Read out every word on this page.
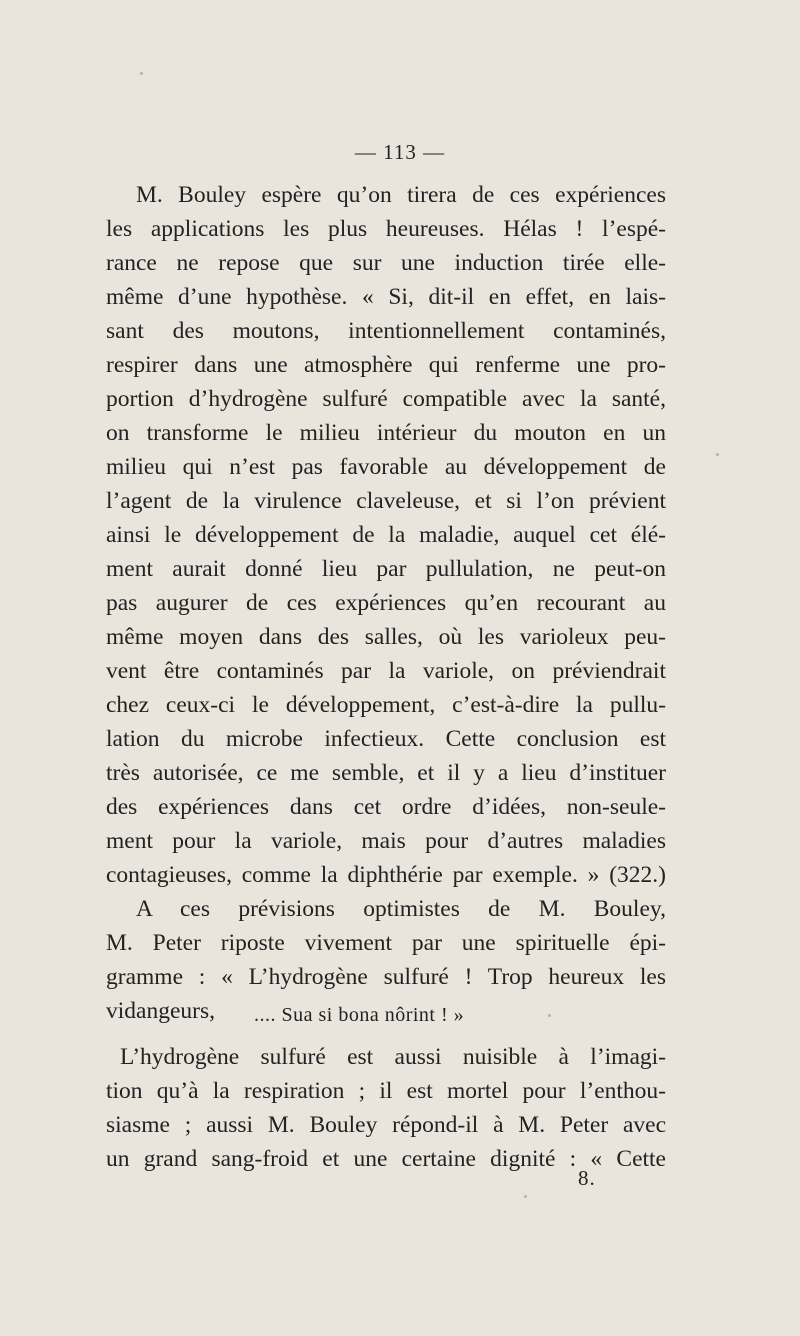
— 113 —
M. Bouley espère qu’on tirera de ces expériences
les applications les plus heureuses. Hélas ! l’espé-
rance ne repose que sur une induction tirée elle-
même d’une hypothèse. « Si, dit-il en effet, en lais-
sant des moutons, intentionnellement contaminés,
respirer dans une atmosphère qui renferme une pro-
portion d’hydrogène sulfuré compatible avec la santé,
on transforme le milieu intérieur du mouton en un
milieu qui n’est pas favorable au développement de
l’agent de la virulence claveleuse, et si l’on prévient
ainsi le développement de la maladie, auquel cet élé-
ment aurait donné lieu par pullulation, ne peut-on
pas augurer de ces expériences qu’en recourant au
même moyen dans des salles, où les varioleux peu-
vent être contaminés par la variole, on préviendrait
chez ceux-ci le développement, c’est-à-dire la pullu-
lation du microbe infectieux. Cette conclusion est
très autorisée, ce me semble, et il y a lieu d’instituer
des expériences dans cet ordre d’idées, non-seule-
ment pour la variole, mais pour d’autres maladies
contagieuses, comme la diphthérie par exemple. » (322.)
A ces prévisions optimistes de M. Bouley,
M. Peter riposte vivement par une spirituelle épi-
gramme : « L’hydrogène sulfuré ! Trop heureux les
vidangeurs,	.... Sua si bona nôrint ! »
L’hydrogène sulfuré est aussi nuisible à l’imagi-
tion qu’à la respiration ; il est mortel pour l’enthou-
siasme ; aussi M. Bouley répond-il à M. Peter avec
un grand sang-froid et une certaine dignité : « Cette
8.
